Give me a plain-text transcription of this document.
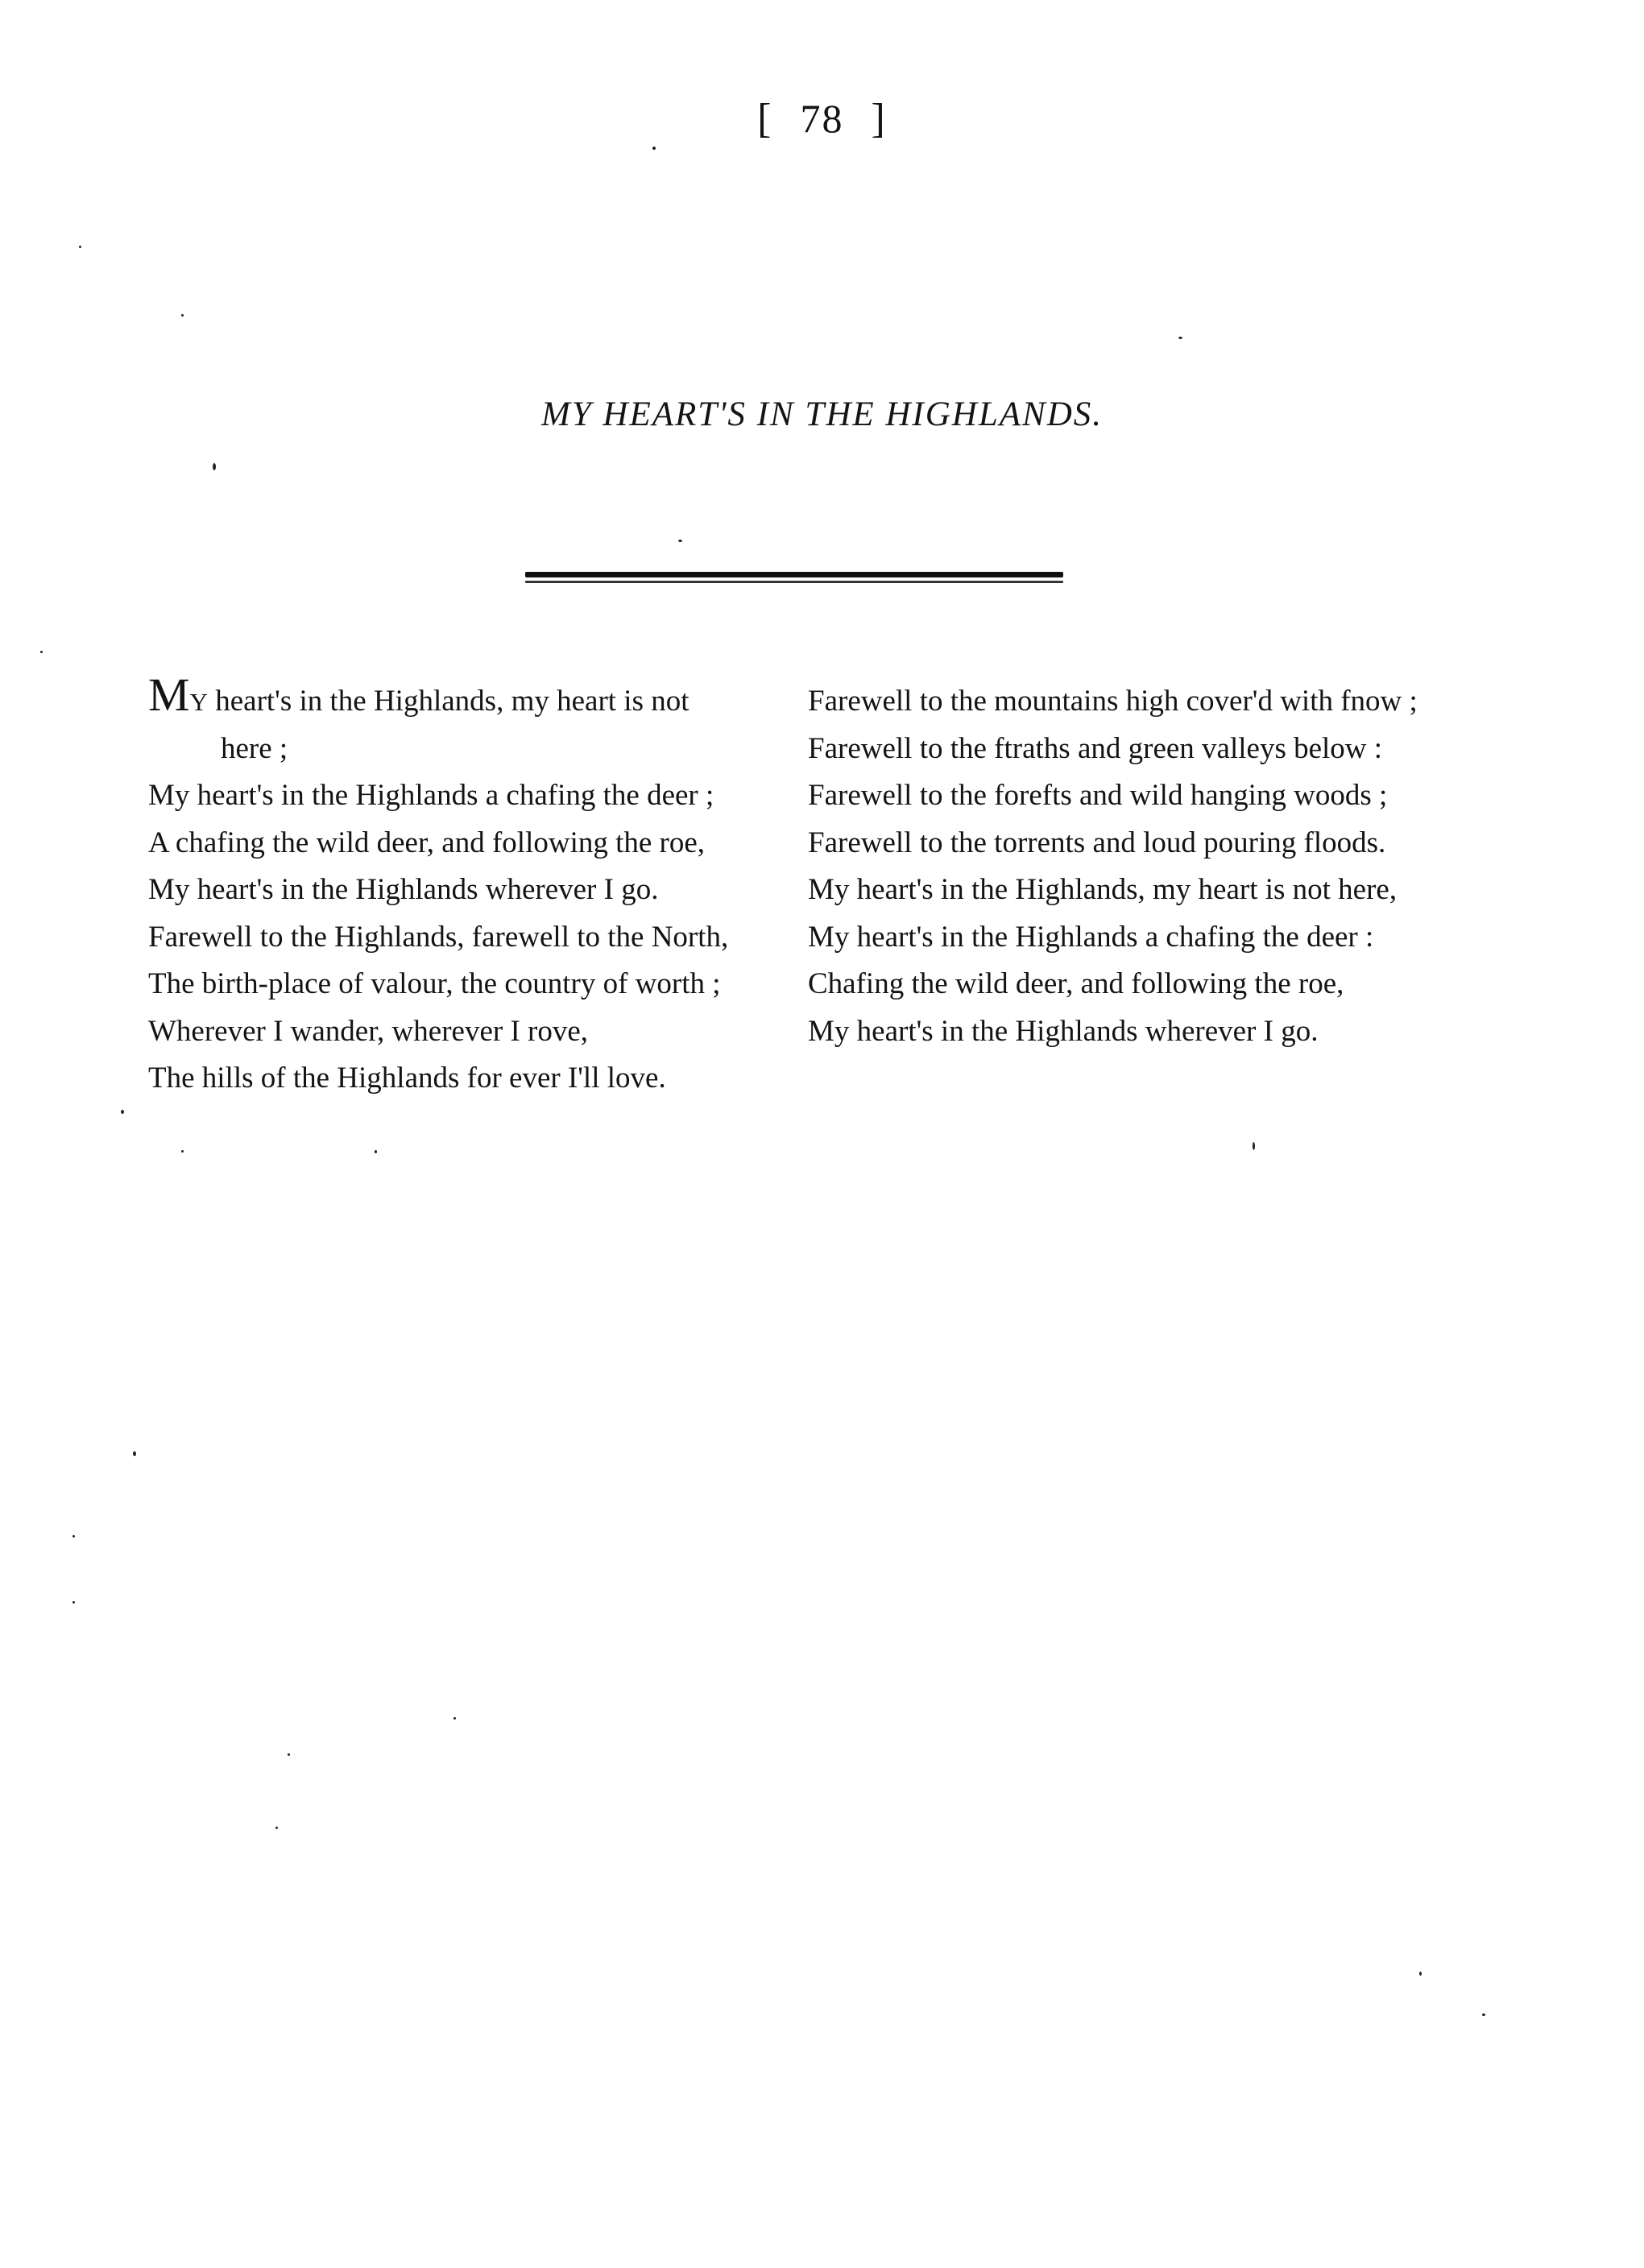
[ 78 ]
MY HEART'S IN THE HIGHLANDS.
MY heart's in the Highlands, my heart is not
here ;
My heart's in the Highlands a chafing the deer ;
A chafing the wild deer, and following the roe,
My heart's in the Highlands wherever I go.
Farewell to the Highlands, farewell to the North,
The birth-place of valour, the country of worth ;
Wherever I wander, wherever I rove,
The hills of the Highlands for ever I'll love.
Farewell to the mountains high cover'd with fnow ;
Farewell to the ftraths and green valleys below :
Farewell to the forefts and wild hanging woods ;
Farewell to the torrents and loud pouring floods.
My heart's in the Highlands, my heart is not here,
My heart's in the Highlands a chafing the deer :
Chafing the wild deer, and following the roe,
My heart's in the Highlands wherever I go.
